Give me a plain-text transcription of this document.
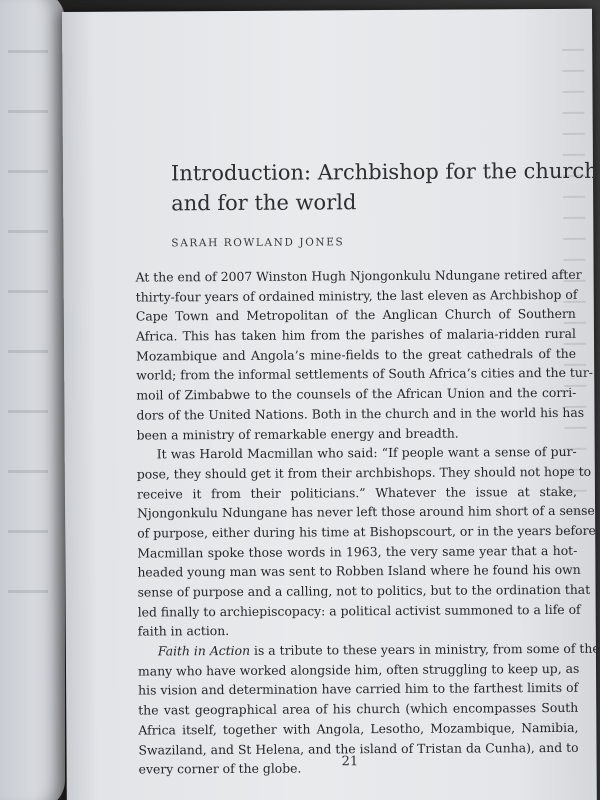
Introduction: Archbishop for the church
and for the world
SARAH ROWLAND JONES
At the end of 2007 Winston Hugh Njongonkulu Ndungane retired after
thirty-four years of ordained ministry, the last eleven as Archbishop of
Cape Town and Metropolitan of the Anglican Church of Southern
Africa. This has taken him from the parishes of malaria-ridden rural
Mozambique and Angola’s mine-fields to the great cathedrals of the
world; from the informal settlements of South Africa’s cities and the tur-
moil of Zimbabwe to the counsels of the African Union and the corri-
dors of the United Nations. Both in the church and in the world his has
been a ministry of remarkable energy and breadth.
It was Harold Macmillan who said: “If people want a sense of pur-
pose, they should get it from their archbishops. They should not hope to
receive it from their politicians.” Whatever the issue at stake,
Njongonkulu Ndungane has never left those around him short of a sense
of purpose, either during his time at Bishopscourt, or in the years before.
Macmillan spoke those words in 1963, the very same year that a hot-
headed young man was sent to Robben Island where he found his own
sense of purpose and a calling, not to politics, but to the ordination that
led finally to archiepiscopacy: a political activist summoned to a life of
faith in action.
Faith in Action is a tribute to these years in ministry, from some of the
many who have worked alongside him, often struggling to keep up, as
his vision and determination have carried him to the farthest limits of
the vast geographical area of his church (which encompasses South
Africa itself, together with Angola, Lesotho, Mozambique, Namibia,
Swaziland, and St Helena, and the island of Tristan da Cunha), and to
every corner of the globe.	21
